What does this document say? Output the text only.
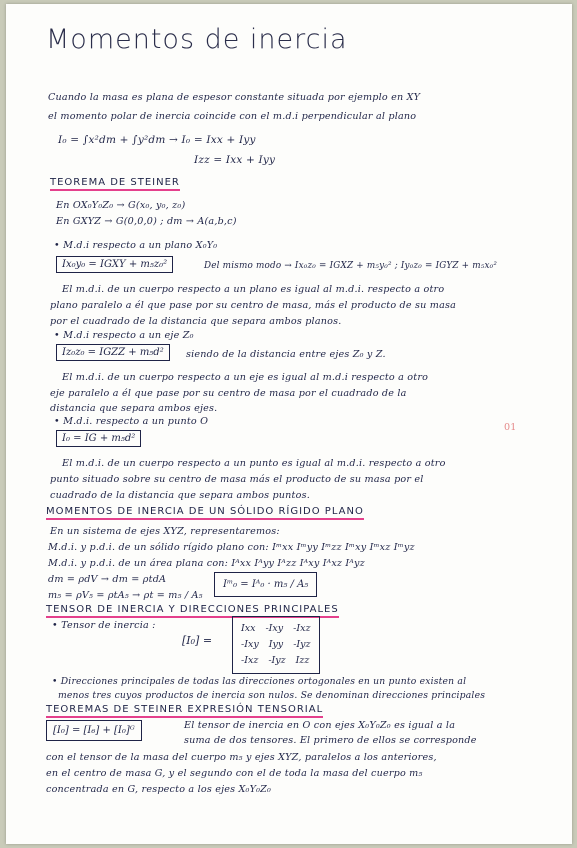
Momentos de inercia
Cuando la masa es plana de espesor constante situada por ejemplo en XY
el momento polar de inercia coincide con el m.d.i perpendicular al plano
I₀ = ∫x²dm + ∫y²dm → I₀ = Ixx + Iyy
Izz = Ixx + Iyy
TEOREMA DE STEINER
En OX₀Y₀Z₀ → G(x₀, y₀, z₀)
En GXYZ → G(0,0,0) ; dm → A(a,b,c)
• M.d.i respecto a un plano X₀Y₀
Ix₀y₀ = IGXY + m₅z₀²	Del mismo modo → Ix₀z₀ = IGXZ + m₅y₀² ; Iy₀z₀ = IGYZ + m₅x₀²
El m.d.i. de un cuerpo respecto a un plano es igual al m.d.i. respecto a otro
plano paralelo a él que pase por su centro de masa, más el producto de su masa
por el cuadrado de la distancia que separa ambos planos.
• M.d.i respecto a un eje Z₀
Iz₀z₀ = IGZZ + m₅d²	siendo de la distancia entre ejes Z₀ y Z.
El m.d.i. de un cuerpo respecto a un eje es igual al m.d.i respecto a otro
eje paralelo a él que pase por su centro de masa por el cuadrado de la
distancia que separa ambos ejes.
01
• M.d.i. respecto a un punto O
I₀ = IG + m₅d²
El m.d.i. de un cuerpo respecto a un punto es igual al m.d.i. respecto a otro
punto situado sobre su centro de masa más el producto de su masa por el
cuadrado de la distancia que separa ambos puntos.
MOMENTOS DE INERCIA DE UN SÓLIDO RÍGIDO PLANO
En un sistema de ejes XYZ, representaremos:
M.d.i. y p.d.i. de un sólido rígido plano con: Iᵐxx Iᵐyy Iᵐzz Iᵐxy Iᵐxz Iᵐyz
M.d.i. y p.d.i. de un área plana con: Iᴬxx Iᴬyy Iᴬzz Iᴬxy Iᴬxz Iᴬyz
dm = ρdV → dm = ρtdA
m₅ = ρV₅ = ρtA₅ → ρt = m₅ / A₅
Iᵐ₀ = Iᴬ₀ · m₅ / A₅
TENSOR DE INERCIA Y DIRECCIONES PRINCIPALES
• Tensor de inercia :
[I₀] =
Ixx -Ixy -Ixz
-Ixy Iyy -Iyz
-Ixz -Iyz Izz
• Direcciones principales de todas las direcciones ortogonales en un punto existen al
menos tres cuyos productos de inercia son nulos. Se denominan direcciones principales
TEOREMAS DE STEINER EXPRESIÓN TENSORIAL
[I₀] = [I₆] + [I₀]ᴳ	El tensor de inercia en O con ejes X₀Y₀Z₀ es igual a la
suma de dos tensores. El primero de ellos se corresponde
con el tensor de la masa del cuerpo m₅ y ejes XYZ, paralelos a los anteriores,
en el centro de masa G, y el segundo con el de toda la masa del cuerpo m₅
concentrada en G, respecto a los ejes X₀Y₀Z₀
